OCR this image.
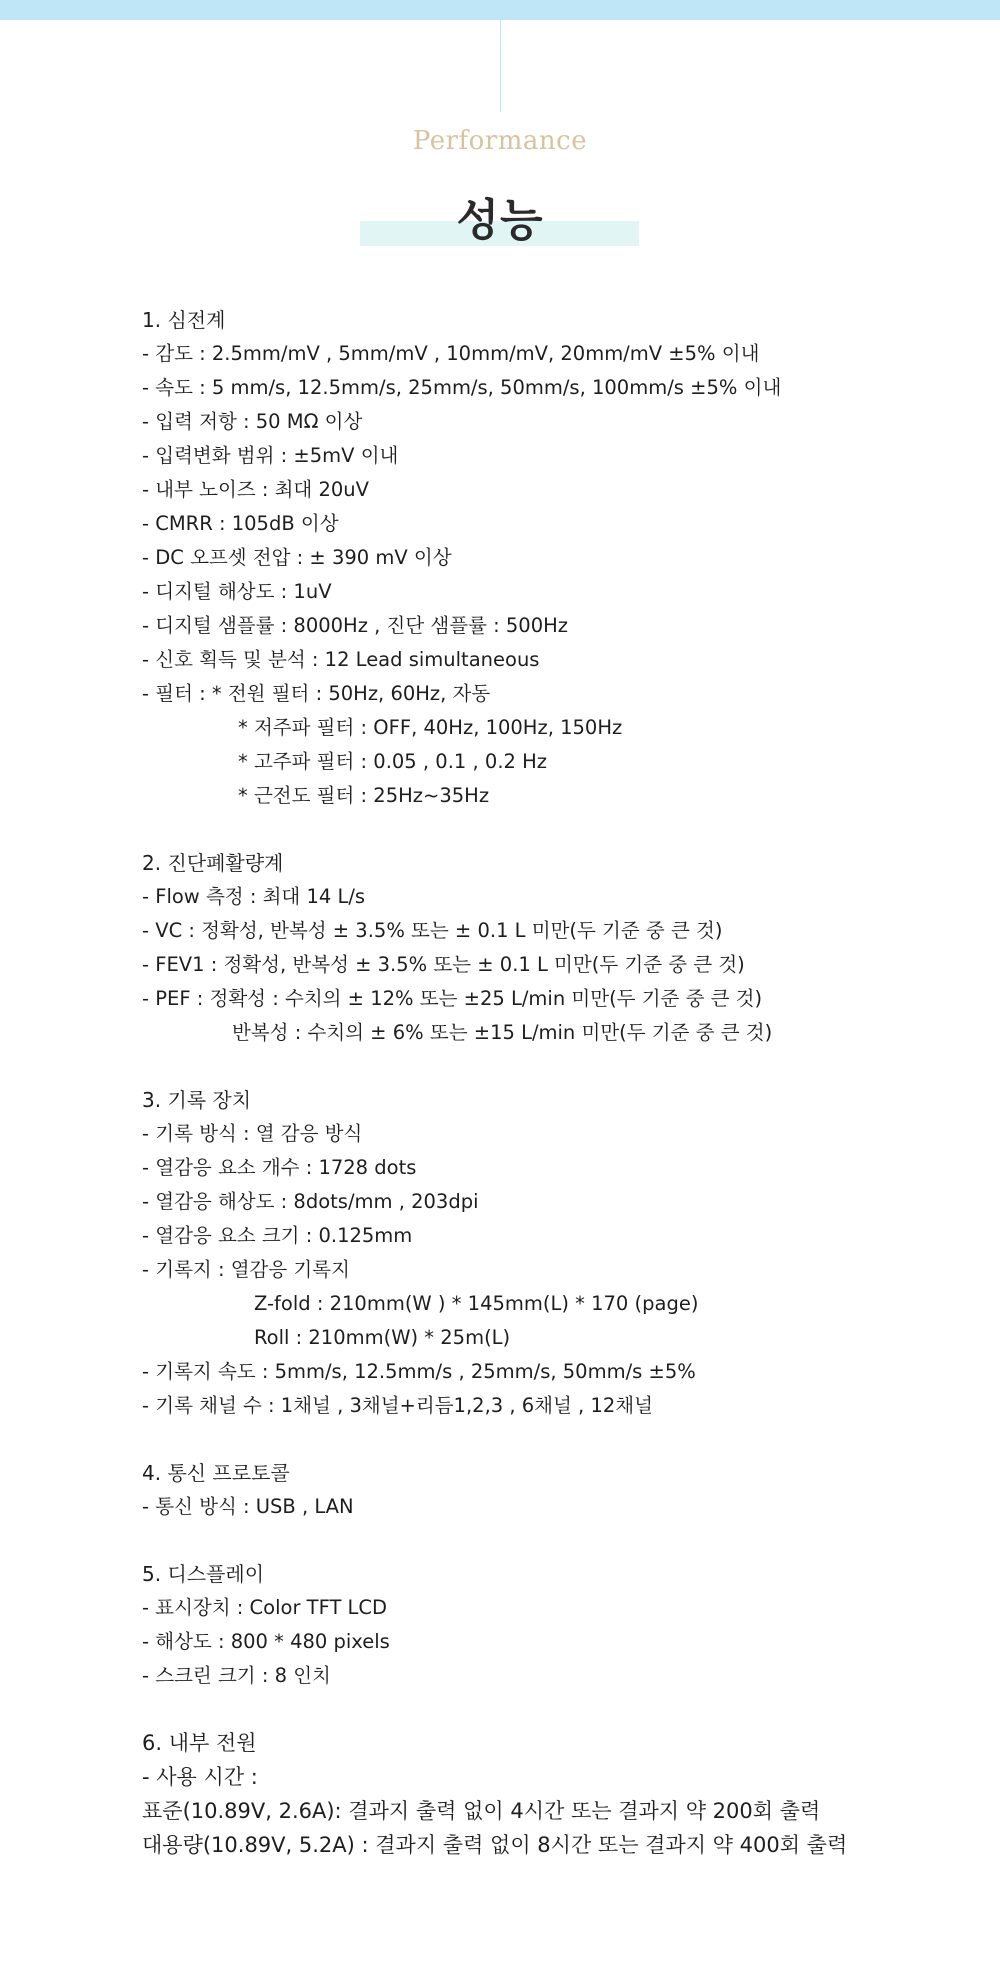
Performance
성능
1. 심전계
- 감도 : 2.5mm/mV , 5mm/mV , 10mm/mV, 20mm/mV ±5% 이내
- 속도 : 5 mm/s, 12.5mm/s, 25mm/s, 50mm/s, 100mm/s ±5% 이내
- 입력 저항 : 50 MΩ 이상
- 입력변화 범위 : ±5mV 이내
- 내부 노이즈 : 최대 20uV
- CMRR : 105dB 이상
- DC 오프셋 전압 : ± 390 mV 이상
- 디지털 해상도 : 1uV
- 디지털 샘플률 : 8000Hz , 진단 샘플률 : 500Hz
- 신호 획득 및 분석 : 12 Lead simultaneous
- 필터 : * 전원 필터 : 50Hz, 60Hz, 자동
* 저주파 필터 : OFF, 40Hz, 100Hz, 150Hz
* 고주파 필터 : 0.05 , 0.1 , 0.2 Hz
* 근전도 필터 : 25Hz~35Hz
2. 진단폐활량계
- Flow 측정 : 최대 14 L/s
- VC : 정확성, 반복성 ± 3.5% 또는 ± 0.1 L 미만(두 기준 중 큰 것)
- FEV1 : 정확성, 반복성 ± 3.5% 또는 ± 0.1 L 미만(두 기준 중 큰 것)
- PEF : 정확성 : 수치의 ± 12% 또는 ±25 L/min 미만(두 기준 중 큰 것)
반복성 : 수치의 ± 6% 또는 ±15 L/min 미만(두 기준 중 큰 것)
3. 기록 장치
- 기록 방식 : 열 감응 방식
- 열감응 요소 개수 : 1728 dots
- 열감응 해상도 : 8dots/mm , 203dpi
- 열감응 요소 크기 : 0.125mm
- 기록지 : 열감응 기록지
Z-fold : 210mm(W ) * 145mm(L) * 170 (page)
Roll : 210mm(W) * 25m(L)
- 기록지 속도 : 5mm/s, 12.5mm/s , 25mm/s, 50mm/s ±5%
- 기록 채널 수 : 1채널 , 3채널+리듬1,2,3 , 6채널 , 12채널
4. 통신 프로토콜
- 통신 방식 : USB , LAN
5. 디스플레이
- 표시장치 : Color TFT LCD
- 해상도 : 800 * 480 pixels
- 스크린 크기 : 8 인치
6. 내부 전원
- 사용 시간 :
표준(10.89V, 2.6A): 결과지 출력 없이 4시간 또는 결과지 약 200회 출력
대용량(10.89V, 5.2A) : 결과지 출력 없이 8시간 또는 결과지 약 400회 출력
